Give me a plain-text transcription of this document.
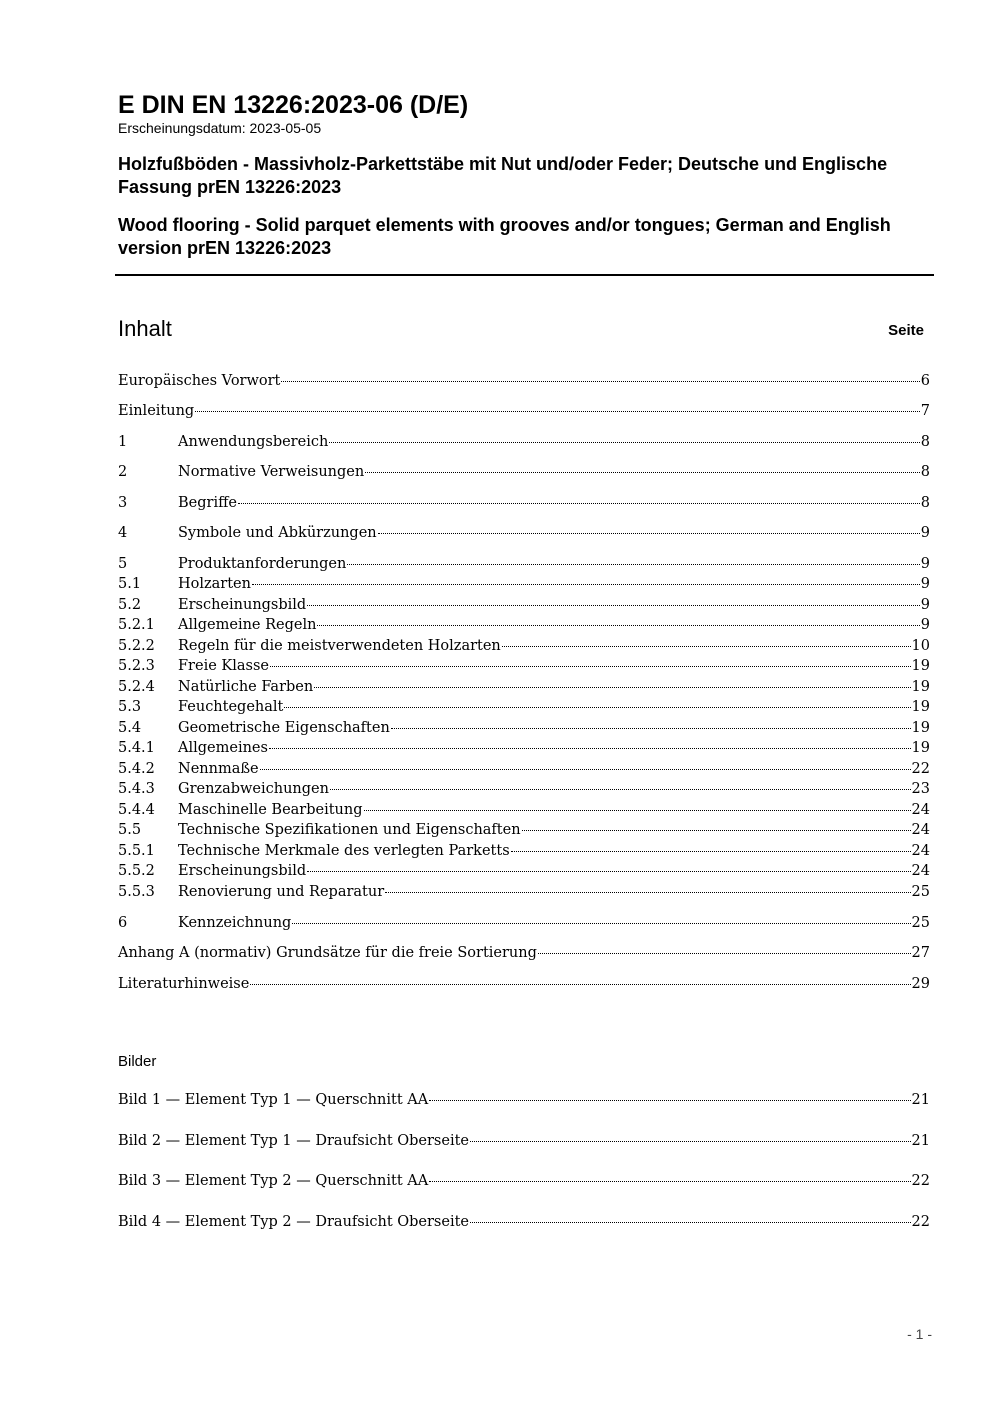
E DIN EN 13226:2023-06 (D/E)

Erscheinungsdatum: 2023-05-05

Holzfußböden - Massivholz-Parkettstäbe mit Nut und/oder Feder; Deutsche und Englische Fassung prEN 13226:2023

Wood flooring - Solid parquet elements with grooves and/or tongues; German and English version prEN 13226:2023

Inhalt	Seite
Europäisches Vorwort	6
Einleitung	7
1	Anwendungsbereich	8
2	Normative Verweisungen	8
3	Begriffe	8
4	Symbole und Abkürzungen	9
5	Produktanforderungen	9
5.1	Holzarten	9
5.2	Erscheinungsbild	9
5.2.1	Allgemeine Regeln	9
5.2.2	Regeln für die meistverwendeten Holzarten	10
5.2.3	Freie Klasse	19
5.2.4	Natürliche Farben	19
5.3	Feuchtegehalt	19
5.4	Geometrische Eigenschaften	19
5.4.1	Allgemeines	19
5.4.2	Nennmaße	22
5.4.3	Grenzabweichungen	23
5.4.4	Maschinelle Bearbeitung	24
5.5	Technische Spezifikationen und Eigenschaften	24
5.5.1	Technische Merkmale des verlegten Parketts	24
5.5.2	Erscheinungsbild	24
5.5.3	Renovierung und Reparatur	25
6	Kennzeichnung	25
Anhang A (normativ) Grundsätze für die freie Sortierung	27
Literaturhinweise	29
Bilder
Bild 1 — Element Typ 1 — Querschnitt AA	21
Bild 2 — Element Typ 1 — Draufsicht Oberseite	21
Bild 3 — Element Typ 2 — Querschnitt AA	22
Bild 4 — Element Typ 2 — Draufsicht Oberseite	22
- 1 -
